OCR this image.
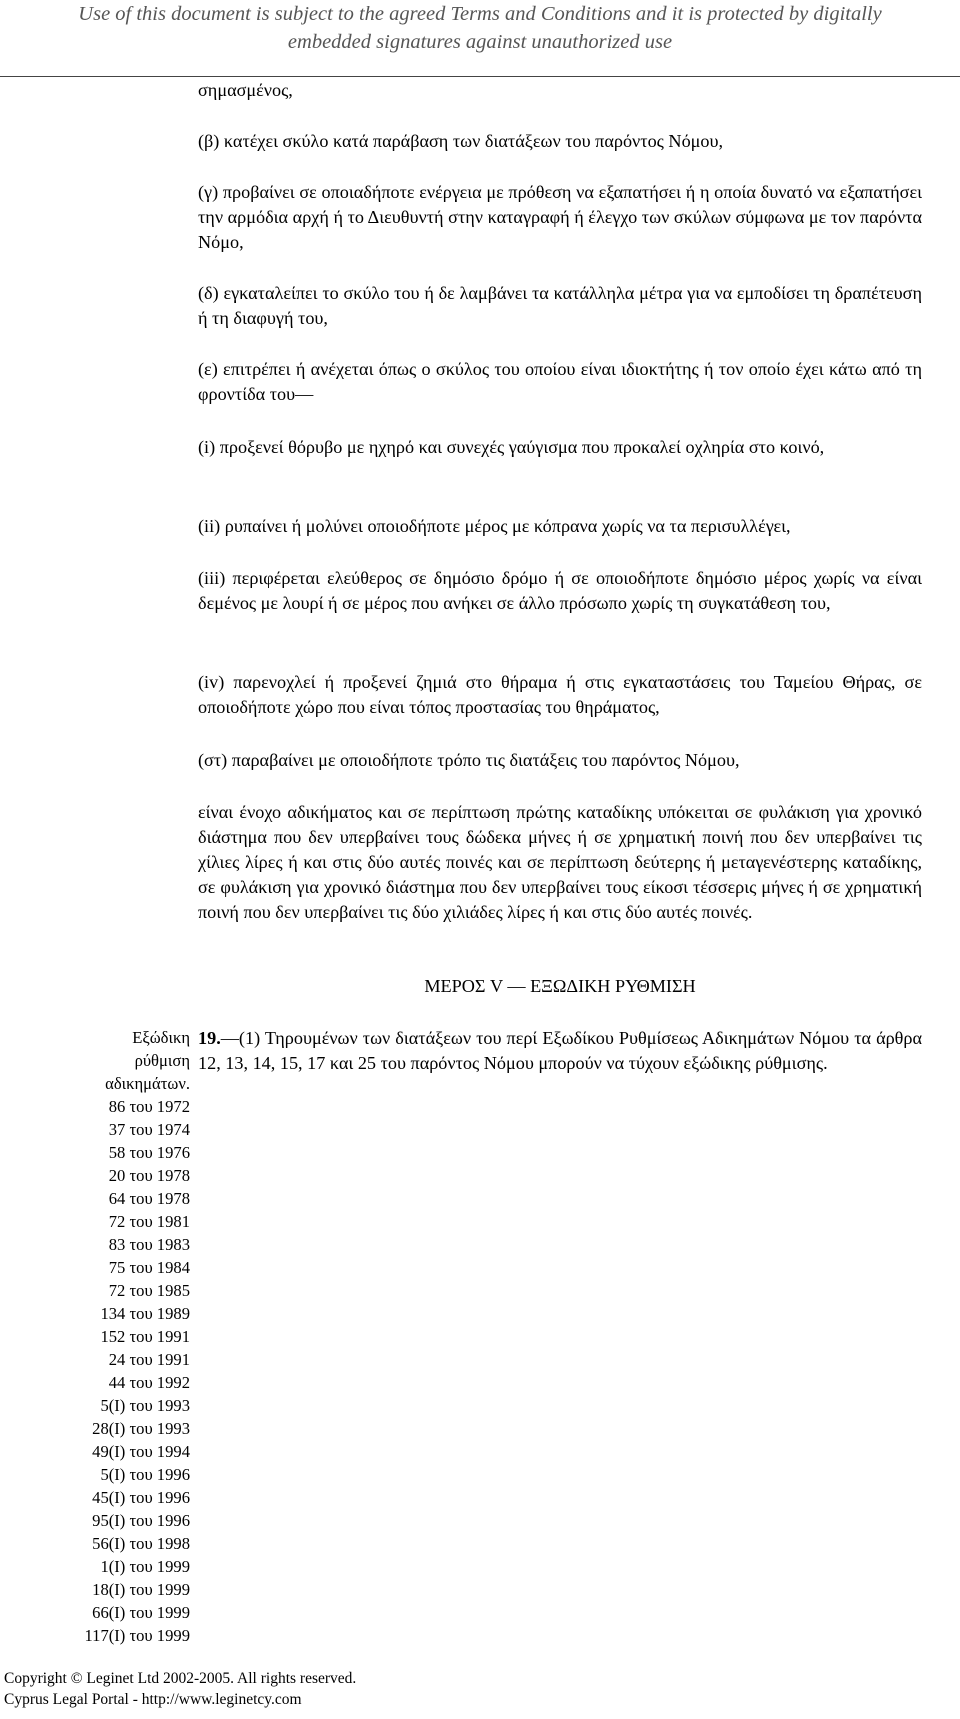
Use of this document is subject to the agreed Terms and Conditions and it is protected by digitally
embedded signatures against unauthorized use

σημασμένος,

(β) κατέχει σκύλο κατά παράβαση των διατάξεων του παρόντος Νόμου,

(γ) προβαίνει σε οποιαδήποτε ενέργεια με πρόθεση να εξαπατήσει ή η οποία δυνατό να εξαπατήσει την αρμόδια αρχή ή το Διευθυντή στην καταγραφή ή έλεγχο των σκύλων σύμφωνα με τον παρόντα Νόμο,

(δ) εγκαταλείπει το σκύλο του ή δε λαμβάνει τα κατάλληλα μέτρα για να εμποδίσει τη δραπέτευση ή τη διαφυγή του,

(ε) επιτρέπει ή ανέχεται όπως ο σκύλος του οποίου είναι ιδιοκτήτης ή τον οποίο έχει κάτω από τη φροντίδα του—

(i) προξενεί θόρυβο με ηχηρό και συνεχές γαύγισμα που προκαλεί οχληρία στο κοινό,

(ii) ρυπαίνει ή μολύνει οποιοδήποτε μέρος με κόπρανα χωρίς να τα περισυλλέγει,

(iii) περιφέρεται ελεύθερος σε δημόσιο δρόμο ή σε οποιοδήποτε δημόσιο μέρος χωρίς να είναι δεμένος με λουρί ή σε μέρος που ανήκει σε άλλο πρόσωπο χωρίς τη συγκατάθεση του,

(iv) παρενοχλεί ή προξενεί ζημιά στο θήραμα ή στις εγκαταστάσεις του Ταμείου Θήρας, σε οποιοδήποτε χώρο που είναι τόπος προστασίας του θηράματος,

(στ) παραβαίνει με οποιοδήποτε τρόπο τις διατάξεις του παρόντος Νόμου,

είναι ένοχο αδικήματος και σε περίπτωση πρώτης καταδίκης υπόκειται σε φυλάκιση για χρονικό διάστημα που δεν υπερβαίνει τους δώδεκα μήνες ή σε χρηματική ποινή που δεν υπερβαίνει τις χίλιες λίρες ή και στις δύο αυτές ποινές και σε περίπτωση δεύτερης ή μεταγενέστερης καταδίκης, σε φυλάκιση για χρονικό διάστημα που δεν υπερβαίνει τους είκοσι τέσσερις μήνες ή σε χρηματική ποινή που δεν υπερβαίνει τις δύο χιλιάδες λίρες ή και στις δύο αυτές ποινές.

ΜΕΡΟΣ V — ΕΞΩΔΙΚΗ ΡΥΘΜΙΣΗ

19.—(1) Τηρουμένων των διατάξεων του περί Εξωδίκου Ρυθμίσεως Αδικημάτων Νόμου τα άρθρα 12, 13, 14, 15, 17 και 25 του παρόντος Νόμου μπορούν να τύχουν εξώδικης ρύθμισης.

Εξώδικη
ρύθμιση
αδικημάτων.
86 του 1972
37 του 1974
58 του 1976
20 του 1978
64 του 1978
72 του 1981
83 του 1983
75 του 1984
72 του 1985
134 του 1989
152 του 1991
24 του 1991
44 του 1992
5(Ι) του 1993
28(Ι) του 1993
49(Ι) του 1994
5(Ι) του 1996
45(Ι) του 1996
95(Ι) του 1996
56(Ι) του 1998
1(Ι) του 1999
18(Ι) του 1999
66(Ι) του 1999
117(Ι) του 1999
Copyright © Leginet Ltd 2002-2005. All rights reserved.
Cyprus Legal Portal - http://www.leginetcy.com
